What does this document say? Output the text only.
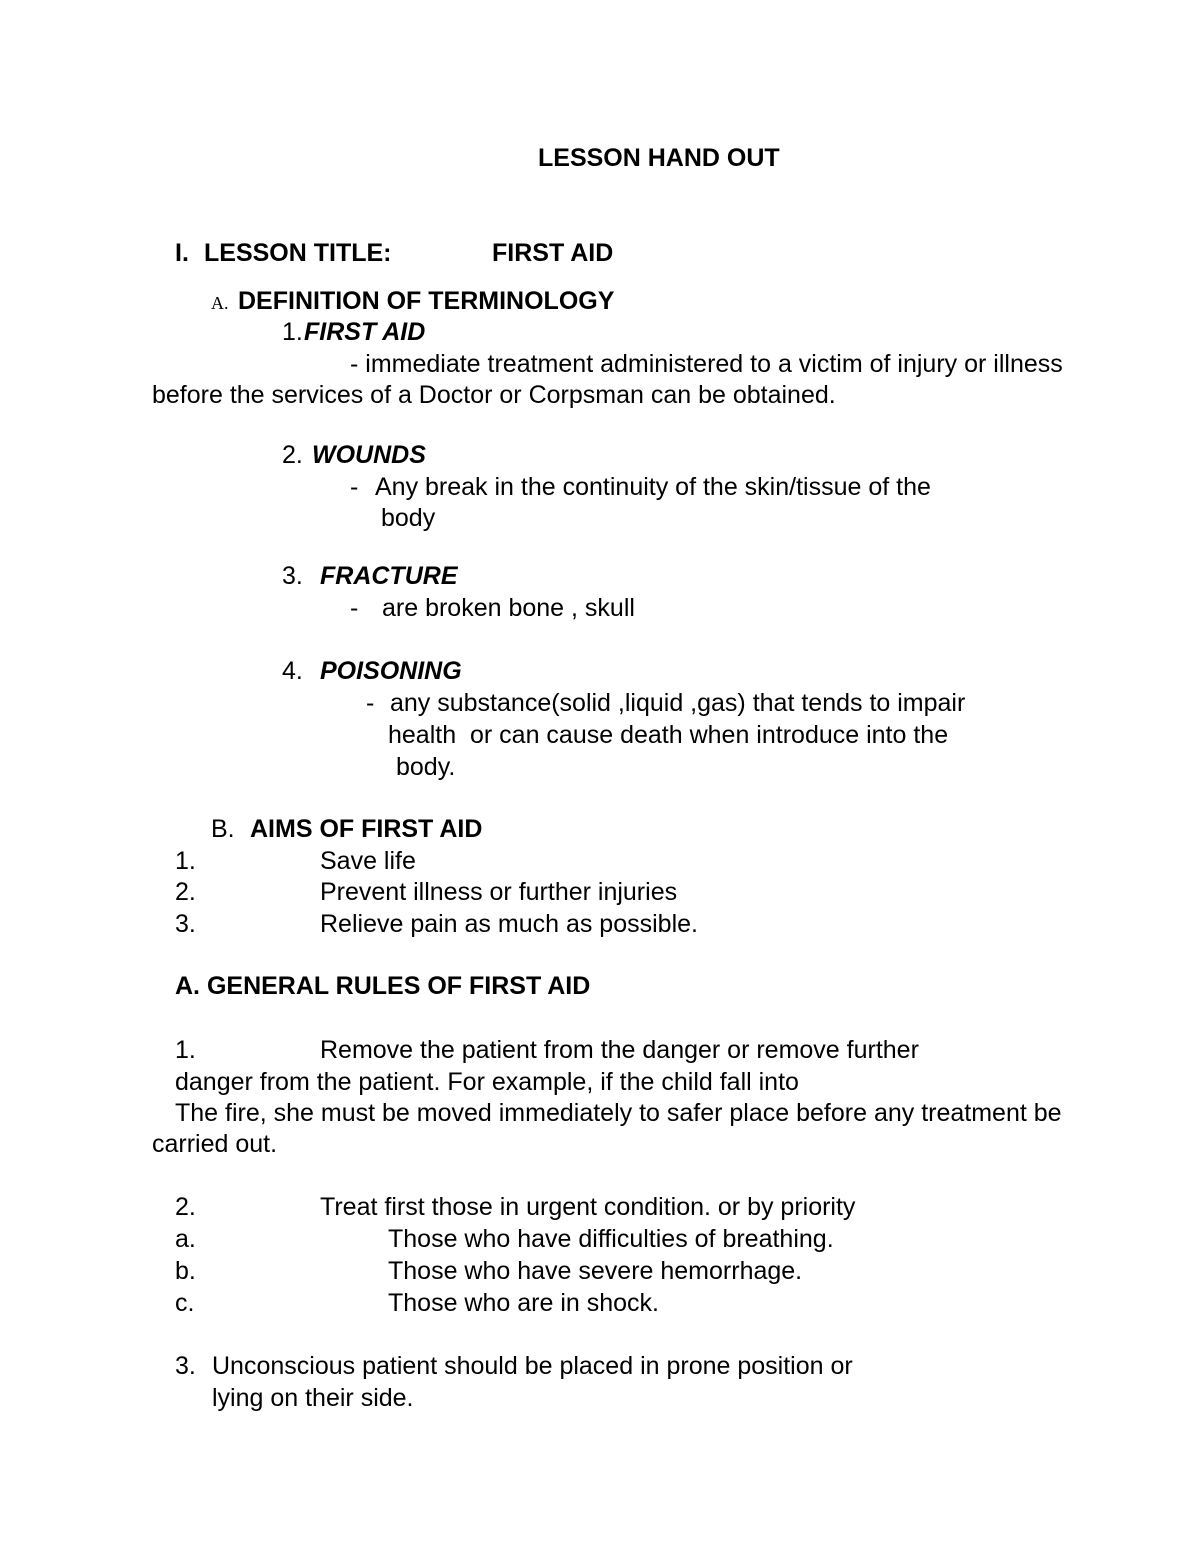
LESSON HAND OUT
I. LESSON TITLE:	FIRST AID
A. DEFINITION OF TERMINOLOGY
1. FIRST AID
- immediate treatment administered to a victim of injury or illness
before the services of a Doctor or Corpsman can be obtained.
2. WOUNDS
- Any break in the continuity of the skin/tissue of the
body
3. FRACTURE
- are broken bone , skull
4. POISONING
- any substance(solid ,liquid ,gas) that tends to impair
health  or can cause death when introduce into the
body.
B. AIMS OF FIRST AID
1.	Save life
2.	Prevent illness or further injuries
3.	Relieve pain as much as possible.
A. GENERAL RULES OF FIRST AID
1.	Remove the patient from the danger or remove further
danger from the patient. For example, if the child fall into
The fire, she must be moved immediately to safer place before any treatment be
carried out.
2.	Treat first those in urgent condition. or by priority
a.	Those who have difficulties of breathing.
b.	Those who have severe hemorrhage.
c.	Those who are in shock.
3. Unconscious patient should be placed in prone position or
lying on their side.
